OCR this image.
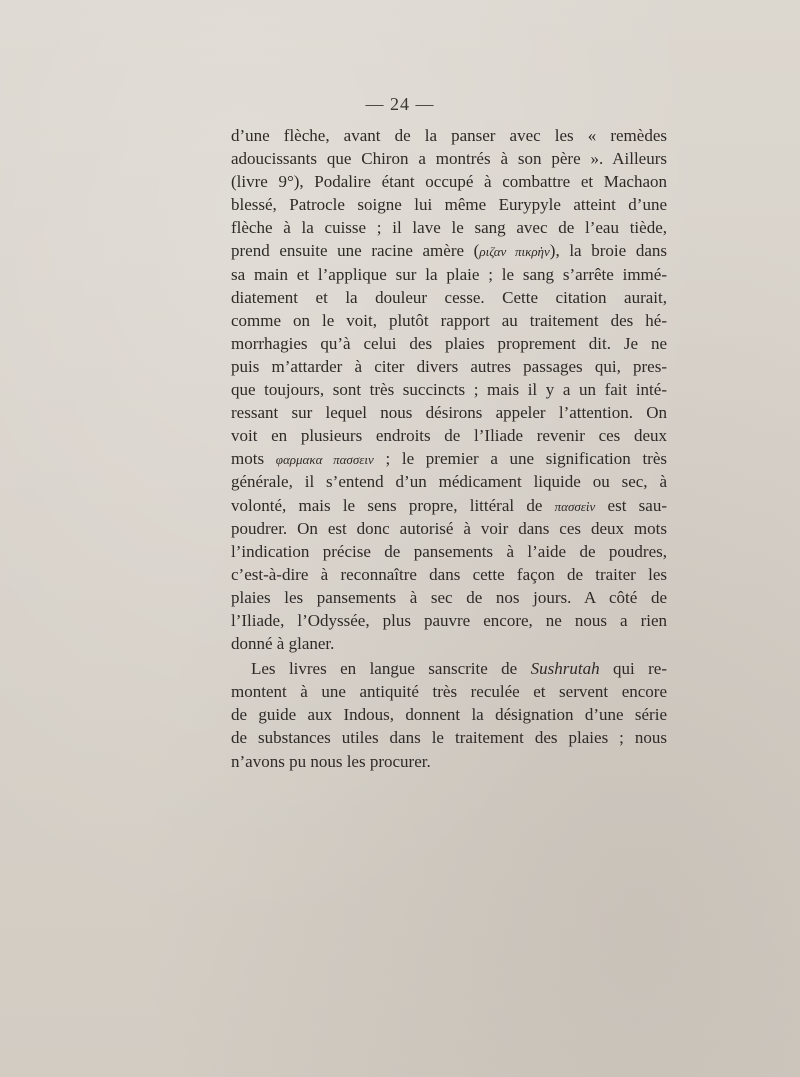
— 24 —
d’une flèche, avant de la panser avec les « remèdes
adoucissants que Chiron a montrés à son père ». Ailleurs
(livre 9°), Podalire étant occupé à combattre et Machaon
blessé, Patrocle soigne lui même Eurypyle atteint d’une
flèche à la cuisse ; il lave le sang avec de l’eau tiède,
prend ensuite une racine amère (ριζαν πικρὴν), la broie dans
sa main et l’applique sur la plaie ; le sang s’arrête immé-
diatement et la douleur cesse. Cette citation aurait,
comme on le voit, plutôt rapport au traitement des hé-
morrhagies qu’à celui des plaies proprement dit. Je ne
puis m’attarder à citer divers autres passages qui, pres-
que toujours, sont très succincts ; mais il y a un fait inté-
ressant sur lequel nous désirons appeler l’attention. On
voit en plusieurs endroits de l’Iliade revenir ces deux
mots φαρμακα πασσειν ; le premier a une signification très
générale, il s’entend d’un médicament liquide ou sec, à
volonté, mais le sens propre, littéral de πασσεὶν est sau-
poudrer. On est donc autorisé à voir dans ces deux mots
l’indication précise de pansements à l’aide de poudres,
c’est-à-dire à reconnaître dans cette façon de traiter les
plaies les pansements à sec de nos jours. A côté de
l’Iliade, l’Odyssée, plus pauvre encore, ne nous a rien
donné à glaner.
Les livres en langue sanscrite de Sushrutah qui re-
montent à une antiquité très reculée et servent encore
de guide aux Indous, donnent la désignation d’une série
de substances utiles dans le traitement des plaies ; nous
n’avons pu nous les procurer.
